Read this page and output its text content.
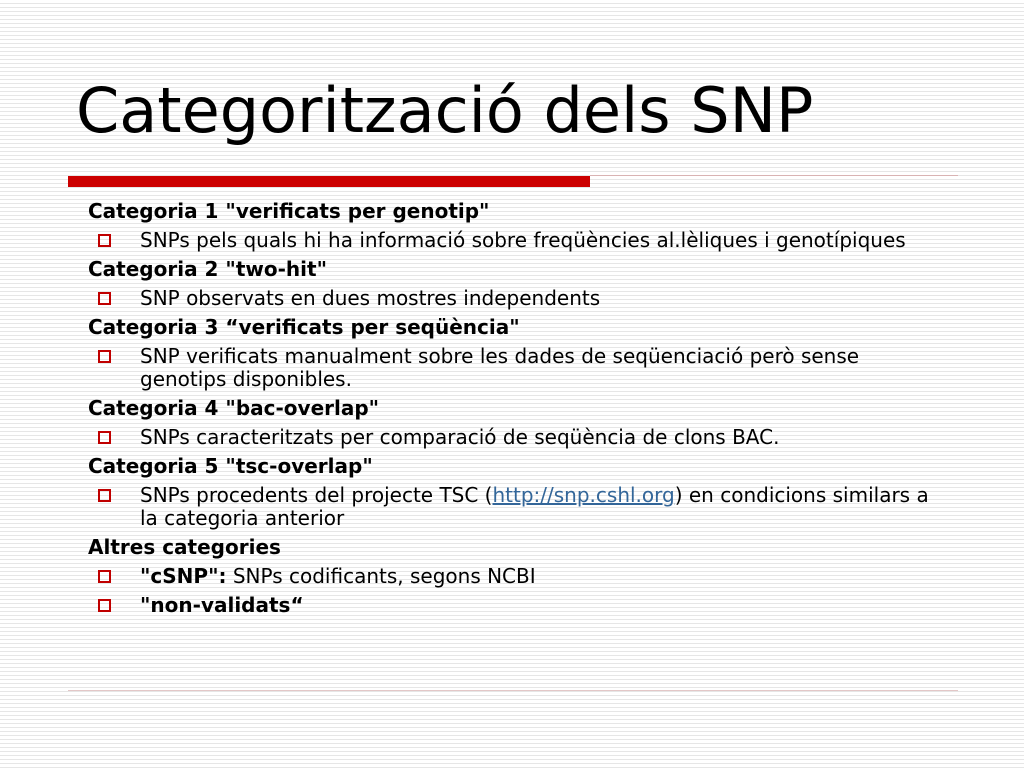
Categorització dels SNP

Categoria 1 "verificats per genotip"

SNPs pels quals hi ha informació sobre freqüències al.lèliques i genotípiques

Categoria 2 "two-hit"

SNP observats en dues mostres independents

Categoria 3 “verificats per seqüència"

SNP verificats manualment sobre les dades de seqüenciació però sense genotips disponibles.

Categoria 4 "bac-overlap"

SNPs caracteritzats per comparació de seqüència de clons BAC.

Categoria 5 "tsc-overlap"

SNPs procedents del projecte TSC (http://snp.cshl.org) en condicions similars a la categoria anterior

Altres categories

"cSNP": SNPs codificants, segons NCBI
"non-validats“
